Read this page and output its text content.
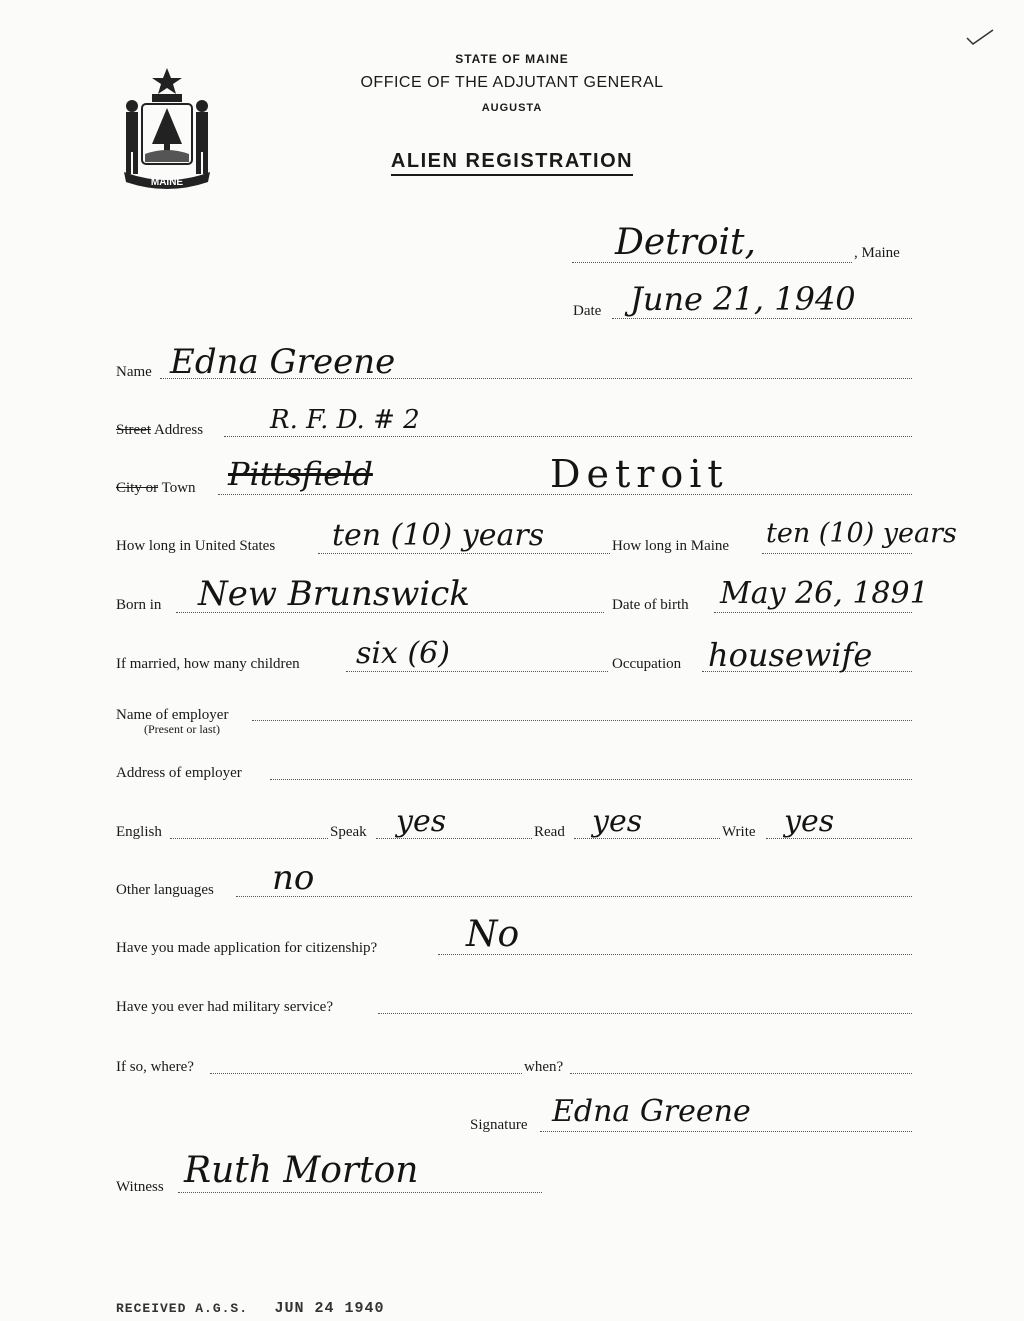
MAINE
STATE OF MAINE
OFFICE OF THE ADJUTANT GENERAL
AUGUSTA
ALIEN REGISTRATION
Detroit,	, Maine
Date June 21, 1940
Name Edna Greene
Street Address	R. F. D. # 2
City or Town Pittsfield	Detroit
How long in United States ten (10) years	How long in Maine ten (10) years
Born in New Brunswick	Date of birth May 26, 1891
If married, how many children six (6)	Occupation housewife
Name of employer
(Present or last)
Address of employer
English	Speak yes	Read yes	Write yes
Other languages no
Have you made application for citizenship? No
Have you ever had military service?
If so, where?	when?
Signature Edna Greene
Witness Ruth Morton
RECEIVED A.G.S. JUN 24 1940
